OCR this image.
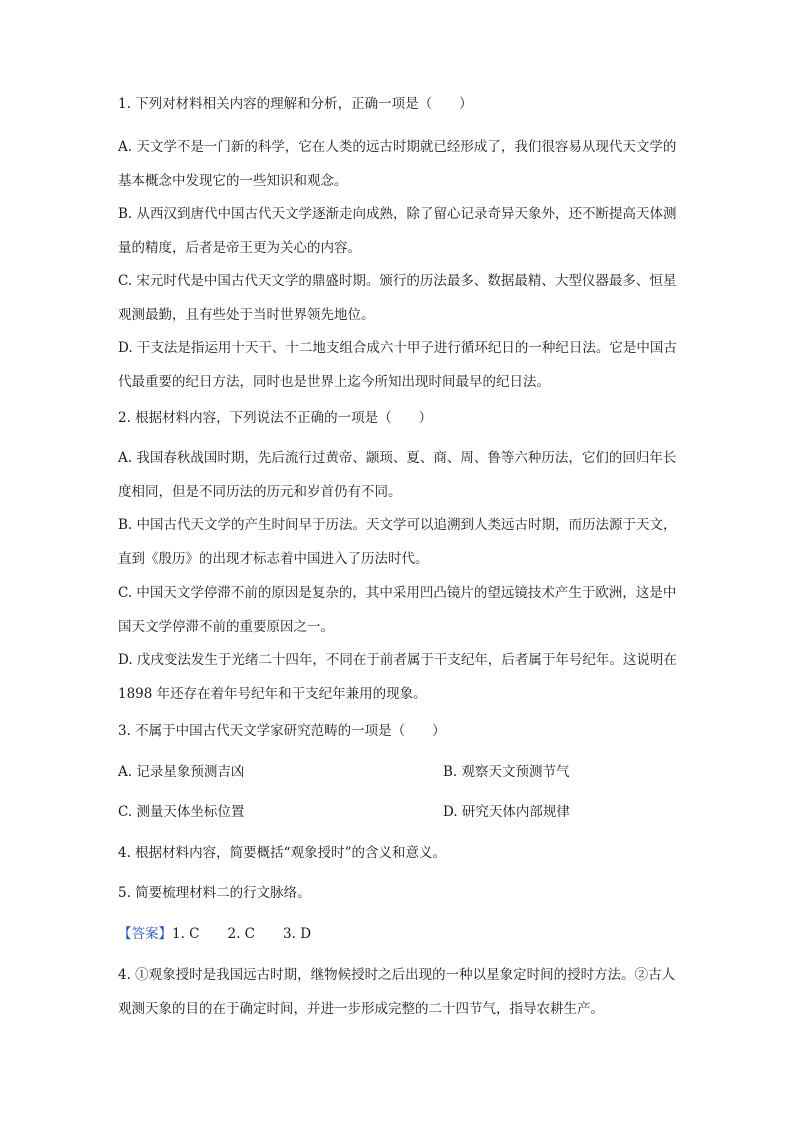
1. 下列对材料相关内容的理解和分析，正确一项是（　　）

A. 天文学不是一门新的科学，它在人类的远古时期就已经形成了，我们很容易从现代天文学的基本概念中发现它的一些知识和观念。

B. 从西汉到唐代中国古代天文学逐渐走向成熟，除了留心记录奇异天象外，还不断提高天体测量的精度，后者是帝王更为关心的内容。

C. 宋元时代是中国古代天文学的鼎盛时期。颁行的历法最多、数据最精、大型仪器最多、恒星观测最勤，且有些处于当时世界领先地位。

D. 干支法是指运用十天干、十二地支组合成六十甲子进行循环纪日的一种纪日法。它是中国古代最重要的纪日方法，同时也是世界上迄今所知出现时间最早的纪日法。

2. 根据材料内容，下列说法不正确的一项是（　　）

A. 我国春秋战国时期，先后流行过黄帝、颛顼、夏、商、周、鲁等六种历法，它们的回归年长度相同，但是不同历法的历元和岁首仍有不同。

B. 中国古代天文学的产生时间早于历法。天文学可以追溯到人类远古时期，而历法源于天文，直到《殷历》的出现才标志着中国进入了历法时代。

C. 中国天文学停滞不前的原因是复杂的，其中采用凹凸镜片的望远镜技术产生于欧洲，这是中国天文学停滞不前的重要原因之一。

D. 戊戌变法发生于光绪二十四年，不同在于前者属于干支纪年，后者属于年号纪年。这说明在 1898 年还存在着年号纪年和干支纪年兼用的现象。

3. 不属于中国古代天文学家研究范畴的一项是（　　）

A. 记录星象预测吉凶	B. 观察天文预测节气
C. 测量天体坐标位置	D. 研究天体内部规律

4. 根据材料内容，简要概括“观象授时”的含义和意义。

5. 简要梳理材料二的行文脉络。

【答案】1. C 2. C 3. D

4. ①观象授时是我国远古时期，继物候授时之后出现的一种以星象定时间的授时方法。②古人观测天象的目的在于确定时间，并进一步形成完整的二十四节气，指导农耕生产。
